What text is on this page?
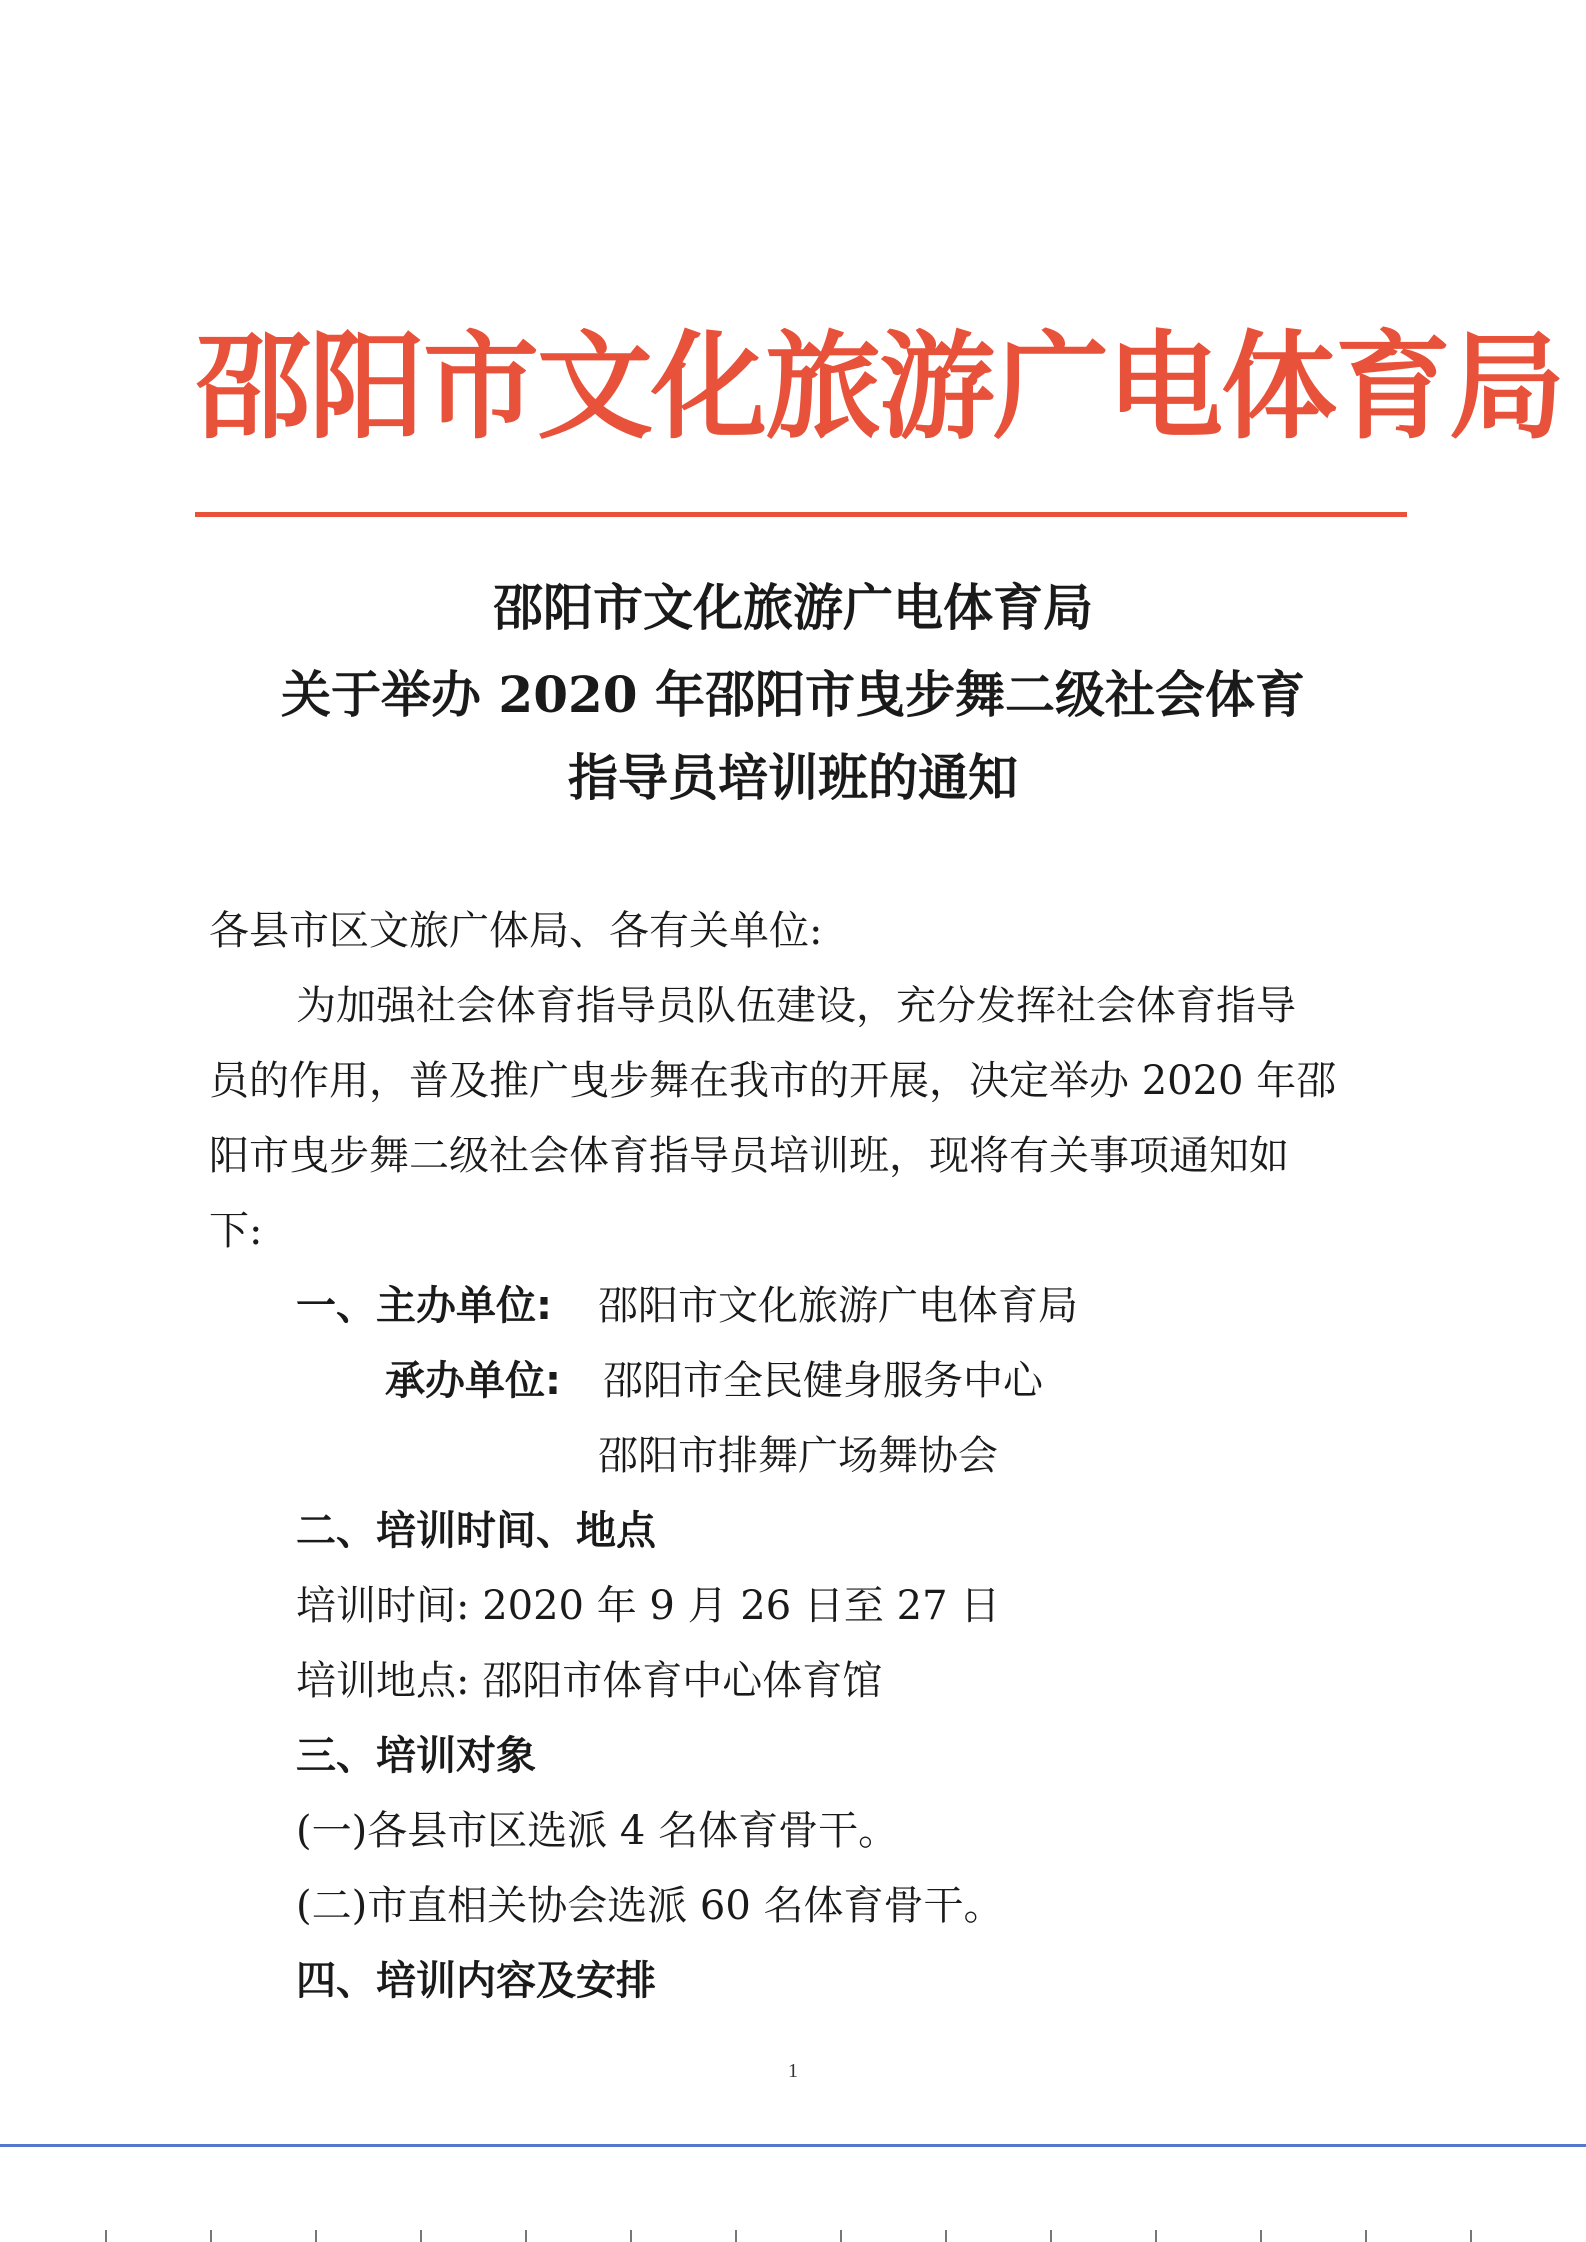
邵阳市文化旅游广电体育局
邵阳市文化旅游广电体育局
关于举办 2020 年邵阳市曳步舞二级社会体育
指导员培训班的通知
各县市区文旅广体局、各有关单位:
为加强社会体育指导员队伍建设，充分发挥社会体育指导
员的作用，普及推广曳步舞在我市的开展，决定举办 2020 年邵
阳市曳步舞二级社会体育指导员培训班，现将有关事项通知如
下:
一、主办单位: 邵阳市文化旅游广电体育局
承办单位: 邵阳市全民健身服务中心
邵阳市排舞广场舞协会
二、培训时间、地点
培训时间: 2020 年 9 月 26 日至 27 日
培训地点: 邵阳市体育中心体育馆
三、培训对象
(一)各县市区选派 4 名体育骨干。
(二)市直相关协会选派 60 名体育骨干。
四、培训内容及安排
1
